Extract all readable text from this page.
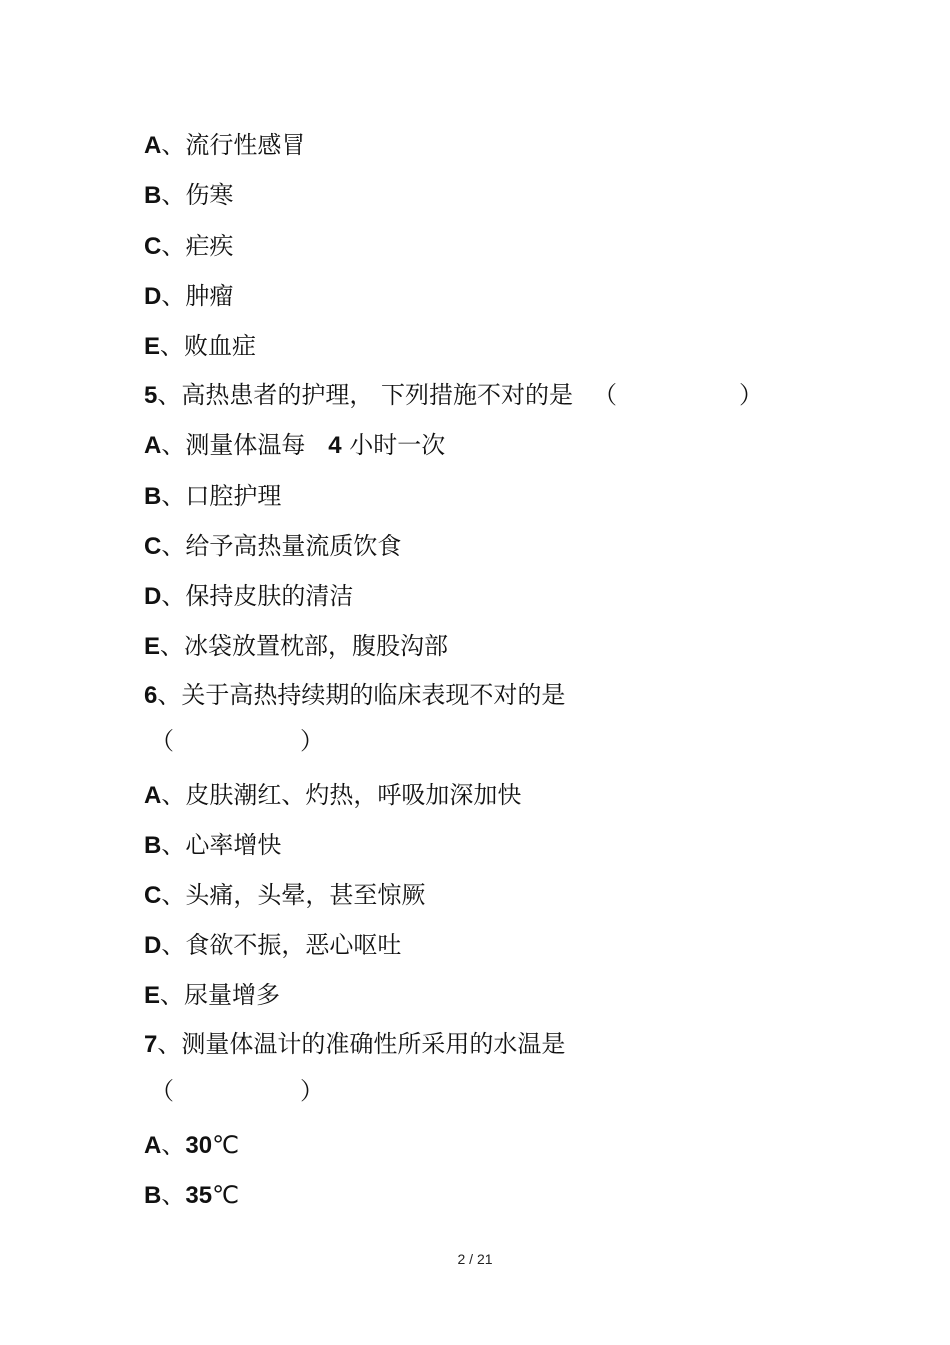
A、流行性感冒
B、伤寒
C、疟疾
D、肿瘤
E、败血症
5、高热患者的护理， 下列措施不对的是 （	）
A、测量体温每   4 小时一次
B、口腔护理
C、给予高热量流质饮食
D、保持皮肤的清洁
E、冰袋放置枕部，腹股沟部
6、关于高热持续期的临床表现不对的是
（	）
A、皮肤潮红、灼热，呼吸加深加快
B、心率增快
C、头痛，头晕，甚至惊厥
D、食欲不振，恶心呕吐
E、尿量增多
7、测量体温计的准确性所采用的水温是
（	）
A、30℃
B、35℃
2 / 21
